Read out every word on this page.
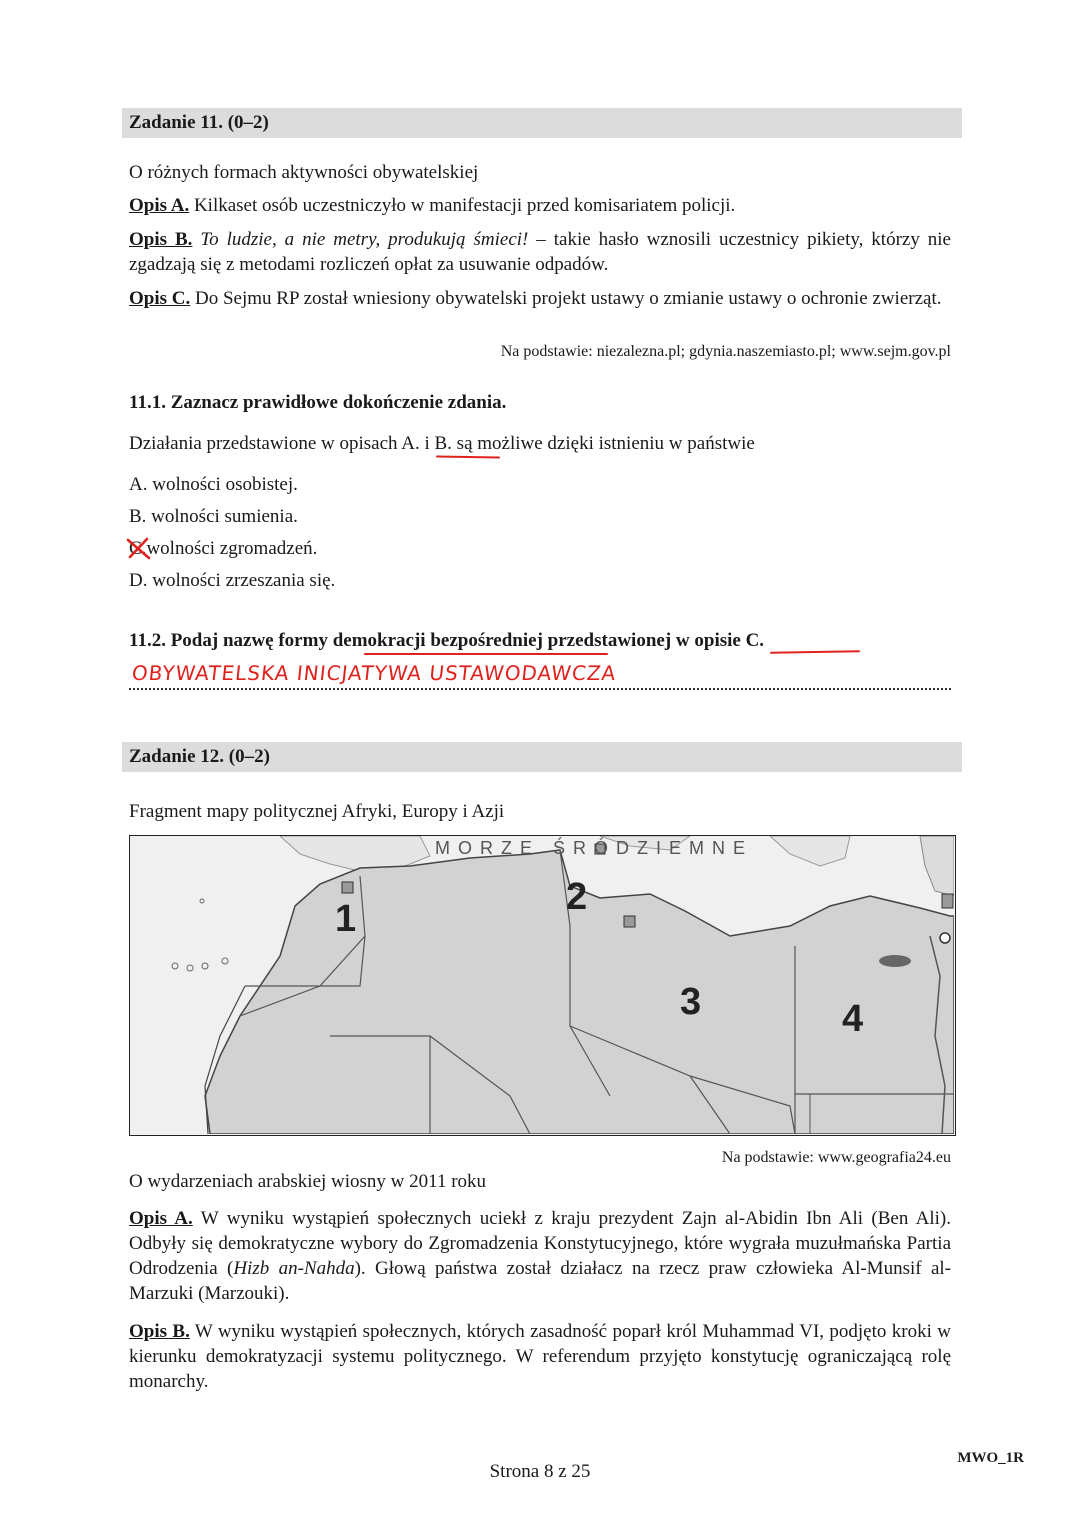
Zadanie 11. (0–2)
O różnych formach aktywności obywatelskiej
Opis A. Kilkaset osób uczestniczyło w manifestacji przed komisariatem policji.
Opis B. To ludzie, a nie metry, produkują śmieci! – takie hasło wznosili uczestnicy pikiety, którzy nie zgadzają się z metodami rozliczeń opłat za usuwanie odpadów.
Opis C. Do Sejmu RP został wniesiony obywatelski projekt ustawy o zmianie ustawy o ochronie zwierząt.
Na podstawie: niezalezna.pl; gdynia.naszemiasto.pl; www.sejm.gov.pl
11.1. Zaznacz prawidłowe dokończenie zdania.
Działania przedstawione w opisach A. i B. są możliwe dzięki istnieniu w państwie
A. wolności osobistej.
B. wolności sumienia.
C.
wolności zgromadzeń.
D. wolności zrzeszania się.
11.2. Podaj nazwę formy demokracji bezpośredniej przedstawionej w opisie C.
OBYWATELSKA INICJATYWA USTAWODAWCZA
Zadanie 12. (0–2)
Fragment mapy politycznej Afryki, Europy i Azji
MORZE ŚRÓDZIEMNE
1
2
3	4
Na podstawie: www.geografia24.eu
O wydarzeniach arabskiej wiosny w 2011 roku
Opis A. W wyniku wystąpień społecznych uciekł z kraju prezydent Zajn al-Abidin Ibn Ali (Ben Ali). Odbyły się demokratyczne wybory do Zgromadzenia Konstytucyjnego, które wygrała muzułmańska Partia Odrodzenia (Hizb an-Nahda). Głową państwa został działacz na rzecz praw człowieka Al-Munsif al-Marzuki (Marzouki).
Opis B. W wyniku wystąpień społecznych, których zasadność poparł król Muhammad VI, podjęto kroki w kierunku demokratyzacji systemu politycznego. W referendum przyjęto konstytucję ograniczającą rolę monarchy.
Strona 8 z 25
MWO_1R
